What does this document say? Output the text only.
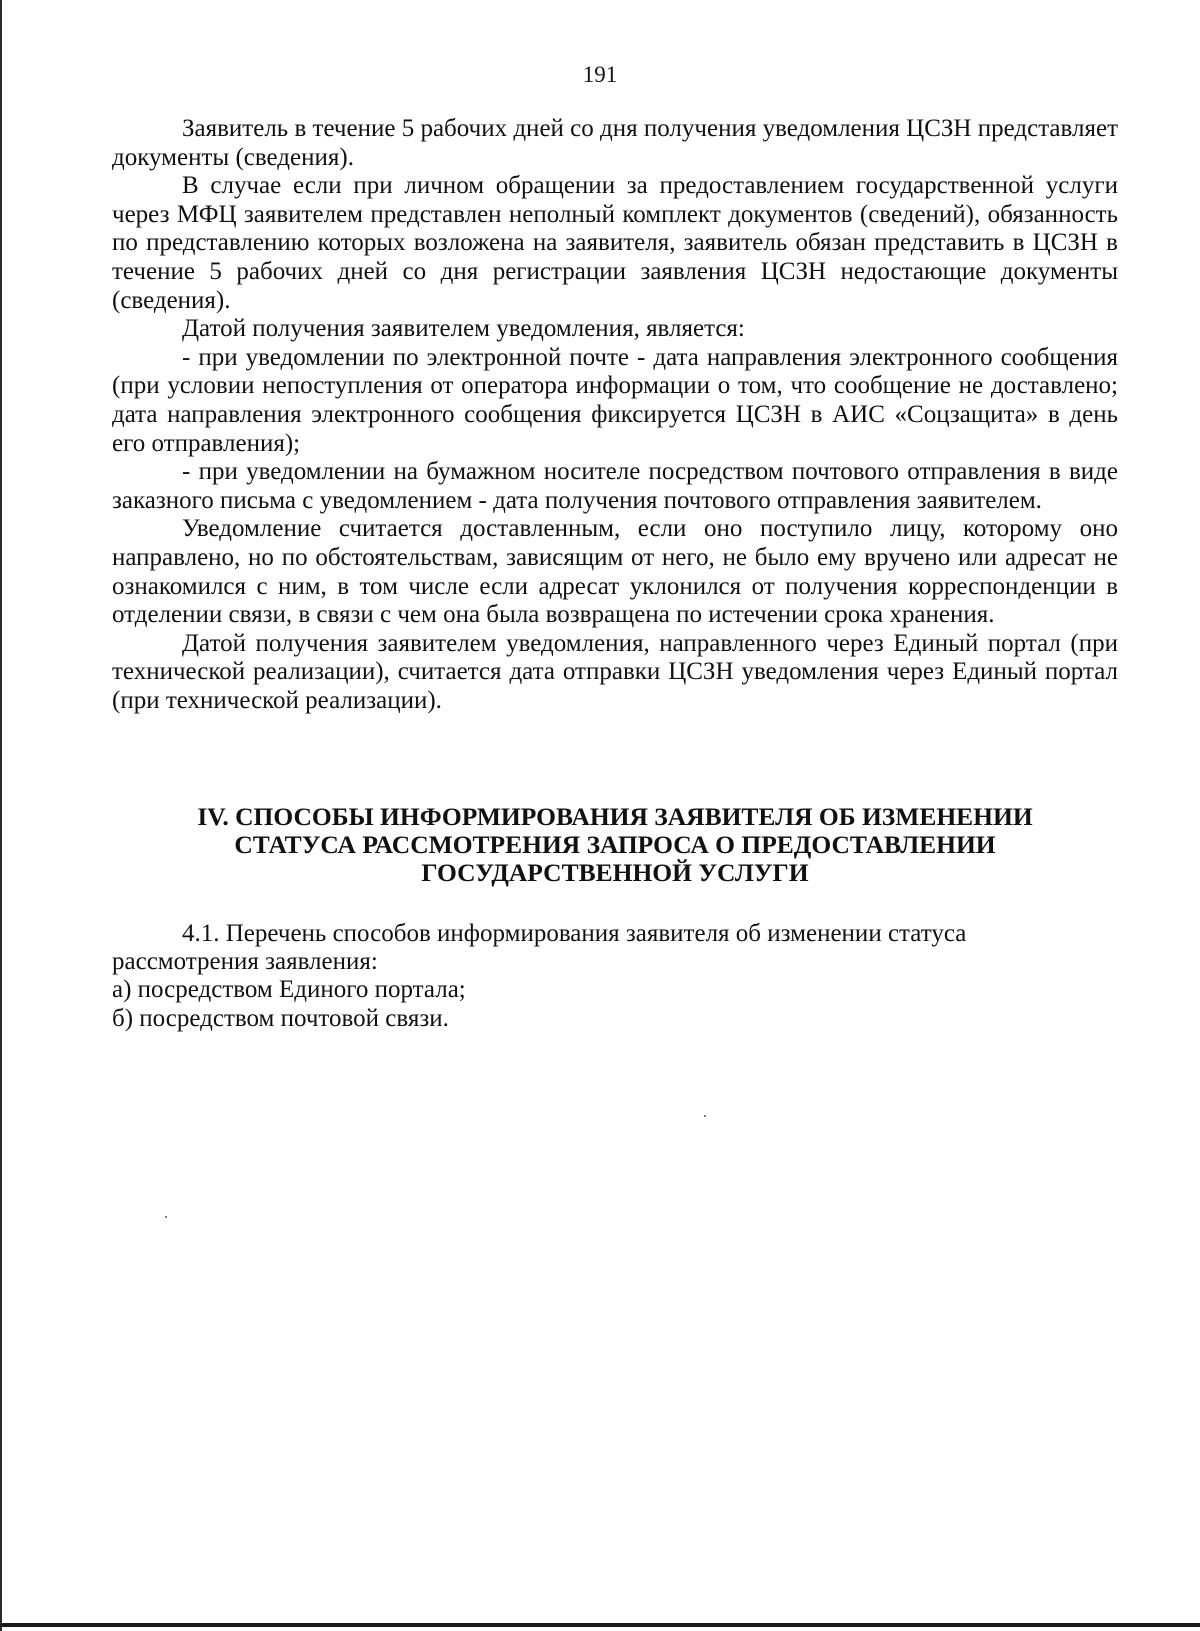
191

Заявитель в течение 5 рабочих дней со дня получения уведомления ЦСЗН представляет документы (сведения).

В случае если при личном обращении за предоставлением государственной услуги через МФЦ заявителем представлен неполный комплект документов (сведений), обязанность по представлению которых возложена на заявителя, заявитель обязан представить в ЦСЗН в течение 5 рабочих дней со дня регистрации заявления ЦСЗН недостающие документы (сведения).

Датой получения заявителем уведомления, является:

- при уведомлении по электронной почте - дата направления электронного сообщения (при условии непоступления от оператора информации о том, что сообщение не доставлено; дата направления электронного сообщения фиксируется ЦСЗН в АИС «Соцзащита» в день его отправления);

- при уведомлении на бумажном носителе посредством почтового отправления в виде заказного письма с уведомлением - дата получения почтового отправления заявителем.

Уведомление считается доставленным, если оно поступило лицу, которому оно направлено, но по обстоятельствам, зависящим от него, не было ему вручено или адресат не ознакомился с ним, в том числе если адресат уклонился от получения корреспонденции в отделении связи, в связи с чем она была возвращена по истечении срока хранения.

Датой получения заявителем уведомления, направленного через Единый портал (при технической реализации), считается дата отправки ЦСЗН уведомления через Единый портал (при технической реализации).

IV. СПОСОБЫ ИНФОРМИРОВАНИЯ ЗАЯВИТЕЛЯ ОБ ИЗМЕНЕНИИ
СТАТУСА РАССМОТРЕНИЯ ЗАПРОСА О ПРЕДОСТАВЛЕНИИ
ГОСУДАРСТВЕННОЙ УСЛУГИ

4.1. Перечень способов информирования заявителя об изменении статуса рассмотрения заявления:

а) посредством Единого портала;

б) посредством почтовой связи.
